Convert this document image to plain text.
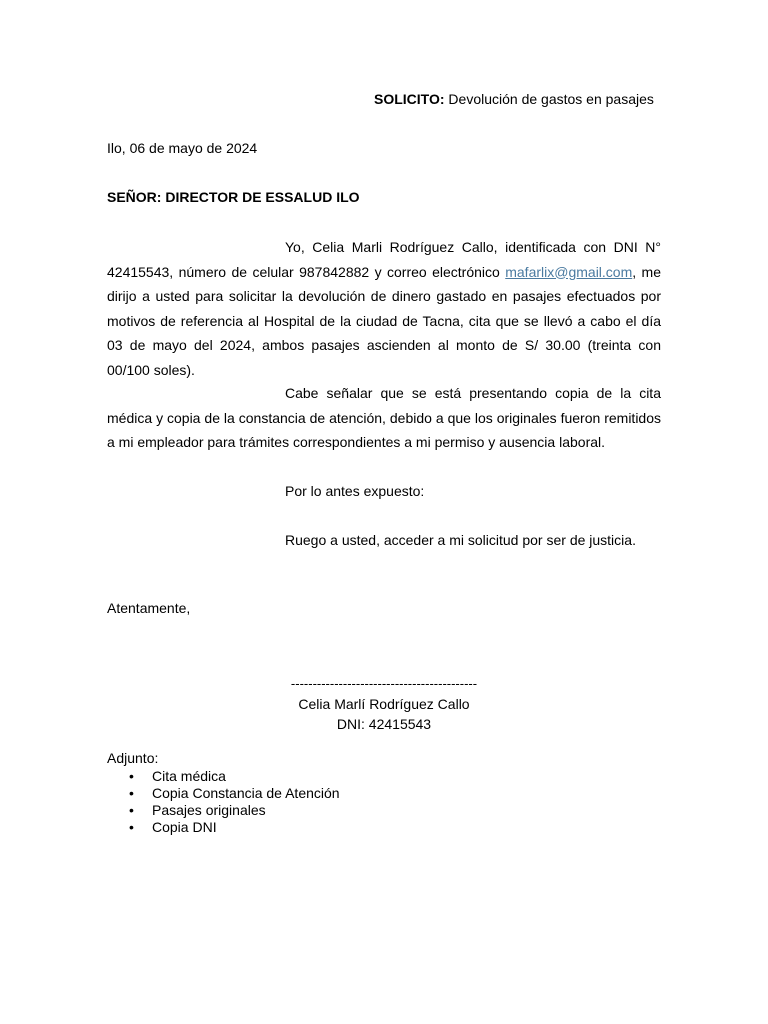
SOLICITO: Devolución de gastos en pasajes
Ilo, 06 de mayo de 2024
SEÑOR: DIRECTOR DE ESSALUD ILO
Yo, Celia Marli Rodríguez Callo, identificada con DNI N° 42415543, número de celular 987842882 y correo electrónico mafarlix@gmail.com, me dirijo a usted para solicitar la devolución de dinero gastado en pasajes efectuados por motivos de referencia al Hospital de la ciudad de Tacna, cita que se llevó a cabo el día 03 de mayo del 2024, ambos pasajes ascienden al monto de S/ 30.00 (treinta con 00/100 soles).
Cabe señalar que se está presentando copia de la cita médica y copia de la constancia de atención, debido a que los originales fueron remitidos a mi empleador para trámites correspondientes a mi permiso y ausencia laboral.
Por lo antes expuesto:
Ruego a usted, acceder a mi solicitud por ser de justicia.
Atentamente,
-------------------------------------------
Celia Marlí Rodríguez Callo
DNI: 42415543
Adjunto:
• Cita médica
• Copia Constancia de Atención
• Pasajes originales
• Copia DNI
